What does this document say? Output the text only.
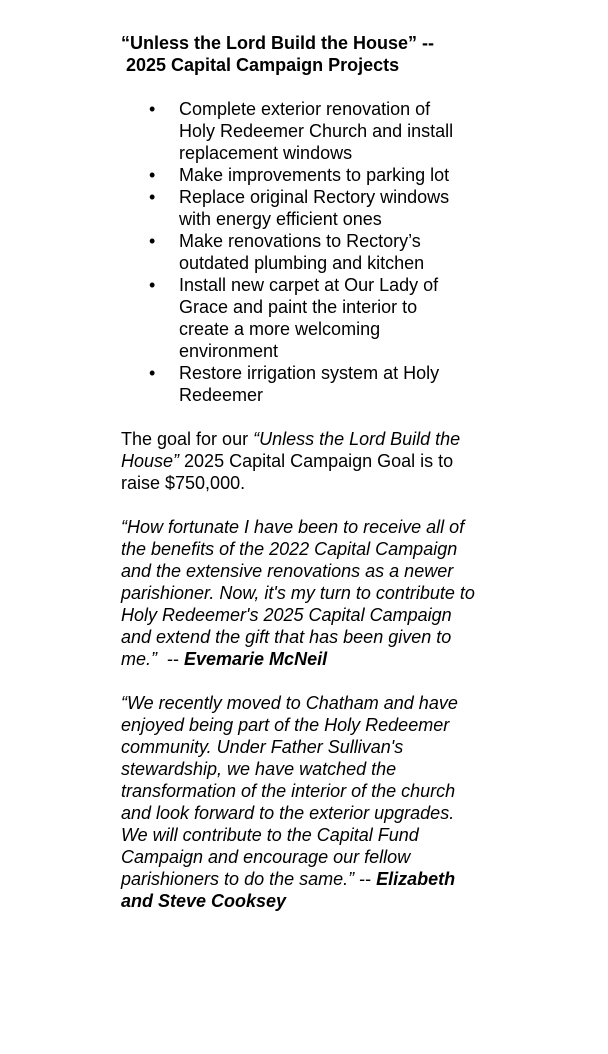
“Unless the Lord Build the House” --
2025 Capital Campaign Projects
• Complete exterior renovation of Holy Redeemer Church and install replacement windows
• Make improvements to parking lot
• Replace original Rectory windows with energy efficient ones
• Make renovations to Rectory’s outdated plumbing and kitchen
• Install new carpet at Our Lady of Grace and paint the interior to create a more welcoming environment
• Restore irrigation system at Holy Redeemer

The goal for our “Unless the Lord Build the House” 2025 Capital Campaign Goal is to raise $750,000.

“How fortunate I have been to receive all of the benefits of the 2022 Capital Campaign and the extensive renovations as a newer parishioner. Now, it's my turn to contribute to Holy Redeemer's 2025 Capital Campaign and extend the gift that has been given to me.”  -- Evemarie McNeil

“We recently moved to Chatham and have enjoyed being part of the Holy Redeemer community. Under Father Sullivan's stewardship, we have watched the transformation of the interior of the church and look forward to the exterior upgrades. We will contribute to the Capital Fund Campaign and encourage our fellow parishioners to do the same.” -- Elizabeth and Steve Cooksey
